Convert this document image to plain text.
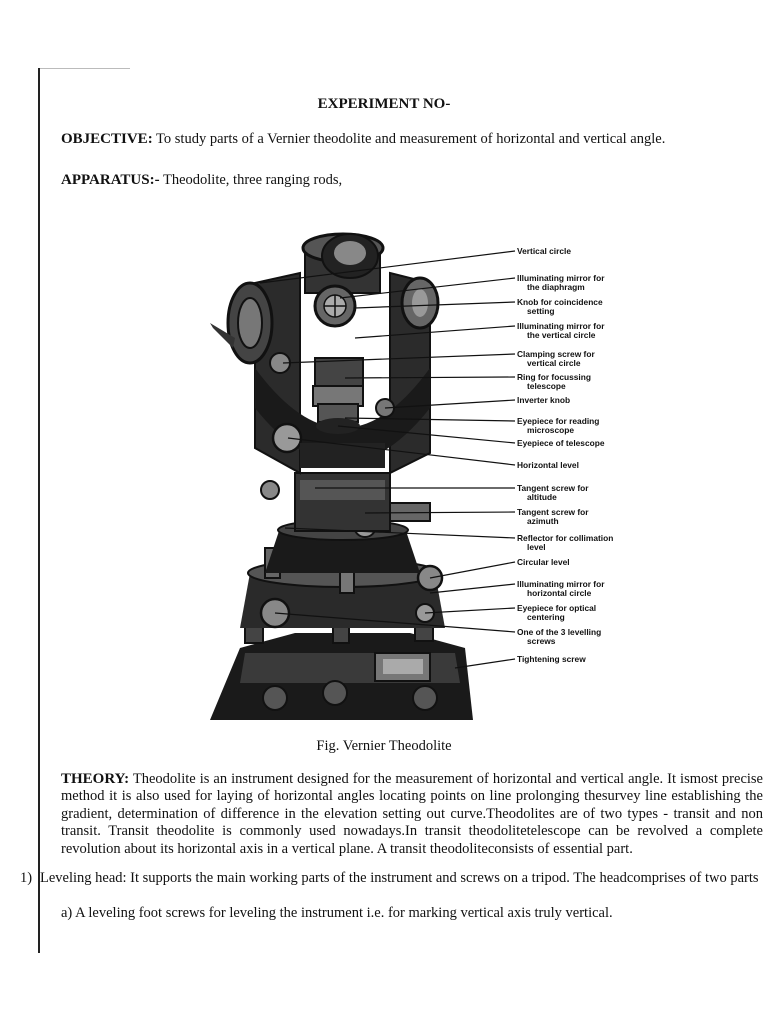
EXPERIMENT NO-
OBJECTIVE: To study parts of a Vernier theodolite and measurement of horizontal and vertical angle.
APPARATUS:- Theodolite, three ranging rods,
Vertical circle
Illuminating mirror for the diaphragm
Knob for coincidence setting
Illuminating mirror for the vertical circle
Clamping screw for vertical circle
Ring for focussing telescope
Inverter knob
Eyepiece for reading microscope
Eyepiece of telescope
Horizontal level
Tangent screw for altitude
Tangent screw for azimuth
Reflector for collimation level
Circular level
Illuminating mirror for horizontal circle
Eyepiece for optical centering
One of the 3 levelling screws
Tightening screw
Fig. Vernier Theodolite
THEORY: Theodolite is an instrument designed for the measurement of horizontal and vertical angle. It ismost precise method it is also used for laying of horizontal angles locating points on line prolonging thesurvey line establishing the gradient, determination of difference in the elevation setting out curve.Theodolites are of two types - transit and non transit. Transit theodolite is commonly used nowadays.In transit theodolitetelescope can be revolved a complete revolution about its horizontal axis in a vertical plane. A transit theodoliteconsists of essential part.
1) Leveling head: It supports the main working parts of the instrument and screws on a tripod. The headcomprises of two parts
a) A leveling foot screws for leveling the instrument i.e. for marking vertical axis truly vertical.
